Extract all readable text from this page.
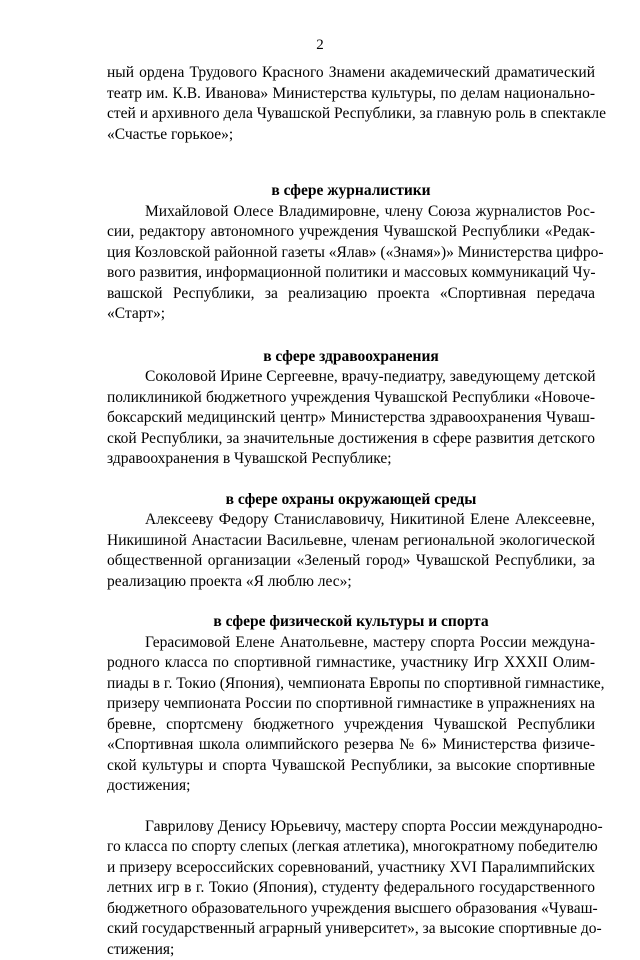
2
ный ордена Трудового Красного Знамени академический драматический
театр им. К.В. Иванова» Министерства культуры, по делам национально-
стей и архивного дела Чувашской Республики, за главную роль в спектакле
«Счастье горькое»;
в сфере журналистики
Михайловой Олесе Владимировне, члену Союза журналистов Рос-
сии, редактору автономного учреждения Чувашской Республики «Редак-
ция Козловской районной газеты «Ялав» («Знамя»)» Министерства цифро-
вого развития, информационной политики и массовых коммуникаций Чу-
вашской Республики, за реализацию проекта «Спортивная передача
«Старт»;
в сфере здравоохранения
Соколовой Ирине Сергеевне, врачу-педиатру, заведующему детской
поликлиникой бюджетного учреждения Чувашской Республики «Новоче-
боксарский медицинский центр» Министерства здравоохранения Чуваш-
ской Республики, за значительные достижения в сфере развития детского
здравоохранения в Чувашской Республике;
в сфере охраны окружающей среды
Алексееву Федору Станиславовичу, Никитиной Елене Алексеевне,
Никишиной Анастасии Васильевне, членам региональной экологической
общественной организации «Зеленый город» Чувашской Республики, за
реализацию проекта «Я люблю лес»;
в сфере физической культуры и спорта
Герасимовой Елене Анатольевне, мастеру спорта России междуна-
родного класса по спортивной гимнастике, участнику Игр XXXII Олим-
пиады в г. Токио (Япония), чемпионата Европы по спортивной гимнастике,
призеру чемпионата России по спортивной гимнастике в упражнениях на
бревне, спортсмену бюджетного учреждения Чувашской Республики
«Спортивная школа олимпийского резерва № 6» Министерства физиче-
ской культуры и спорта Чувашской Республики, за высокие спортивные
достижения;
Гаврилову Денису Юрьевичу, мастеру спорта России международно-
го класса по спорту слепых (легкая атлетика), многократному победителю
и призеру всероссийских соревнований, участнику XVI Паралимпийских
летних игр в г. Токио (Япония), студенту федерального государственного
бюджетного образовательного учреждения высшего образования «Чуваш-
ский государственный аграрный университет», за высокие спортивные до-
стижения;
